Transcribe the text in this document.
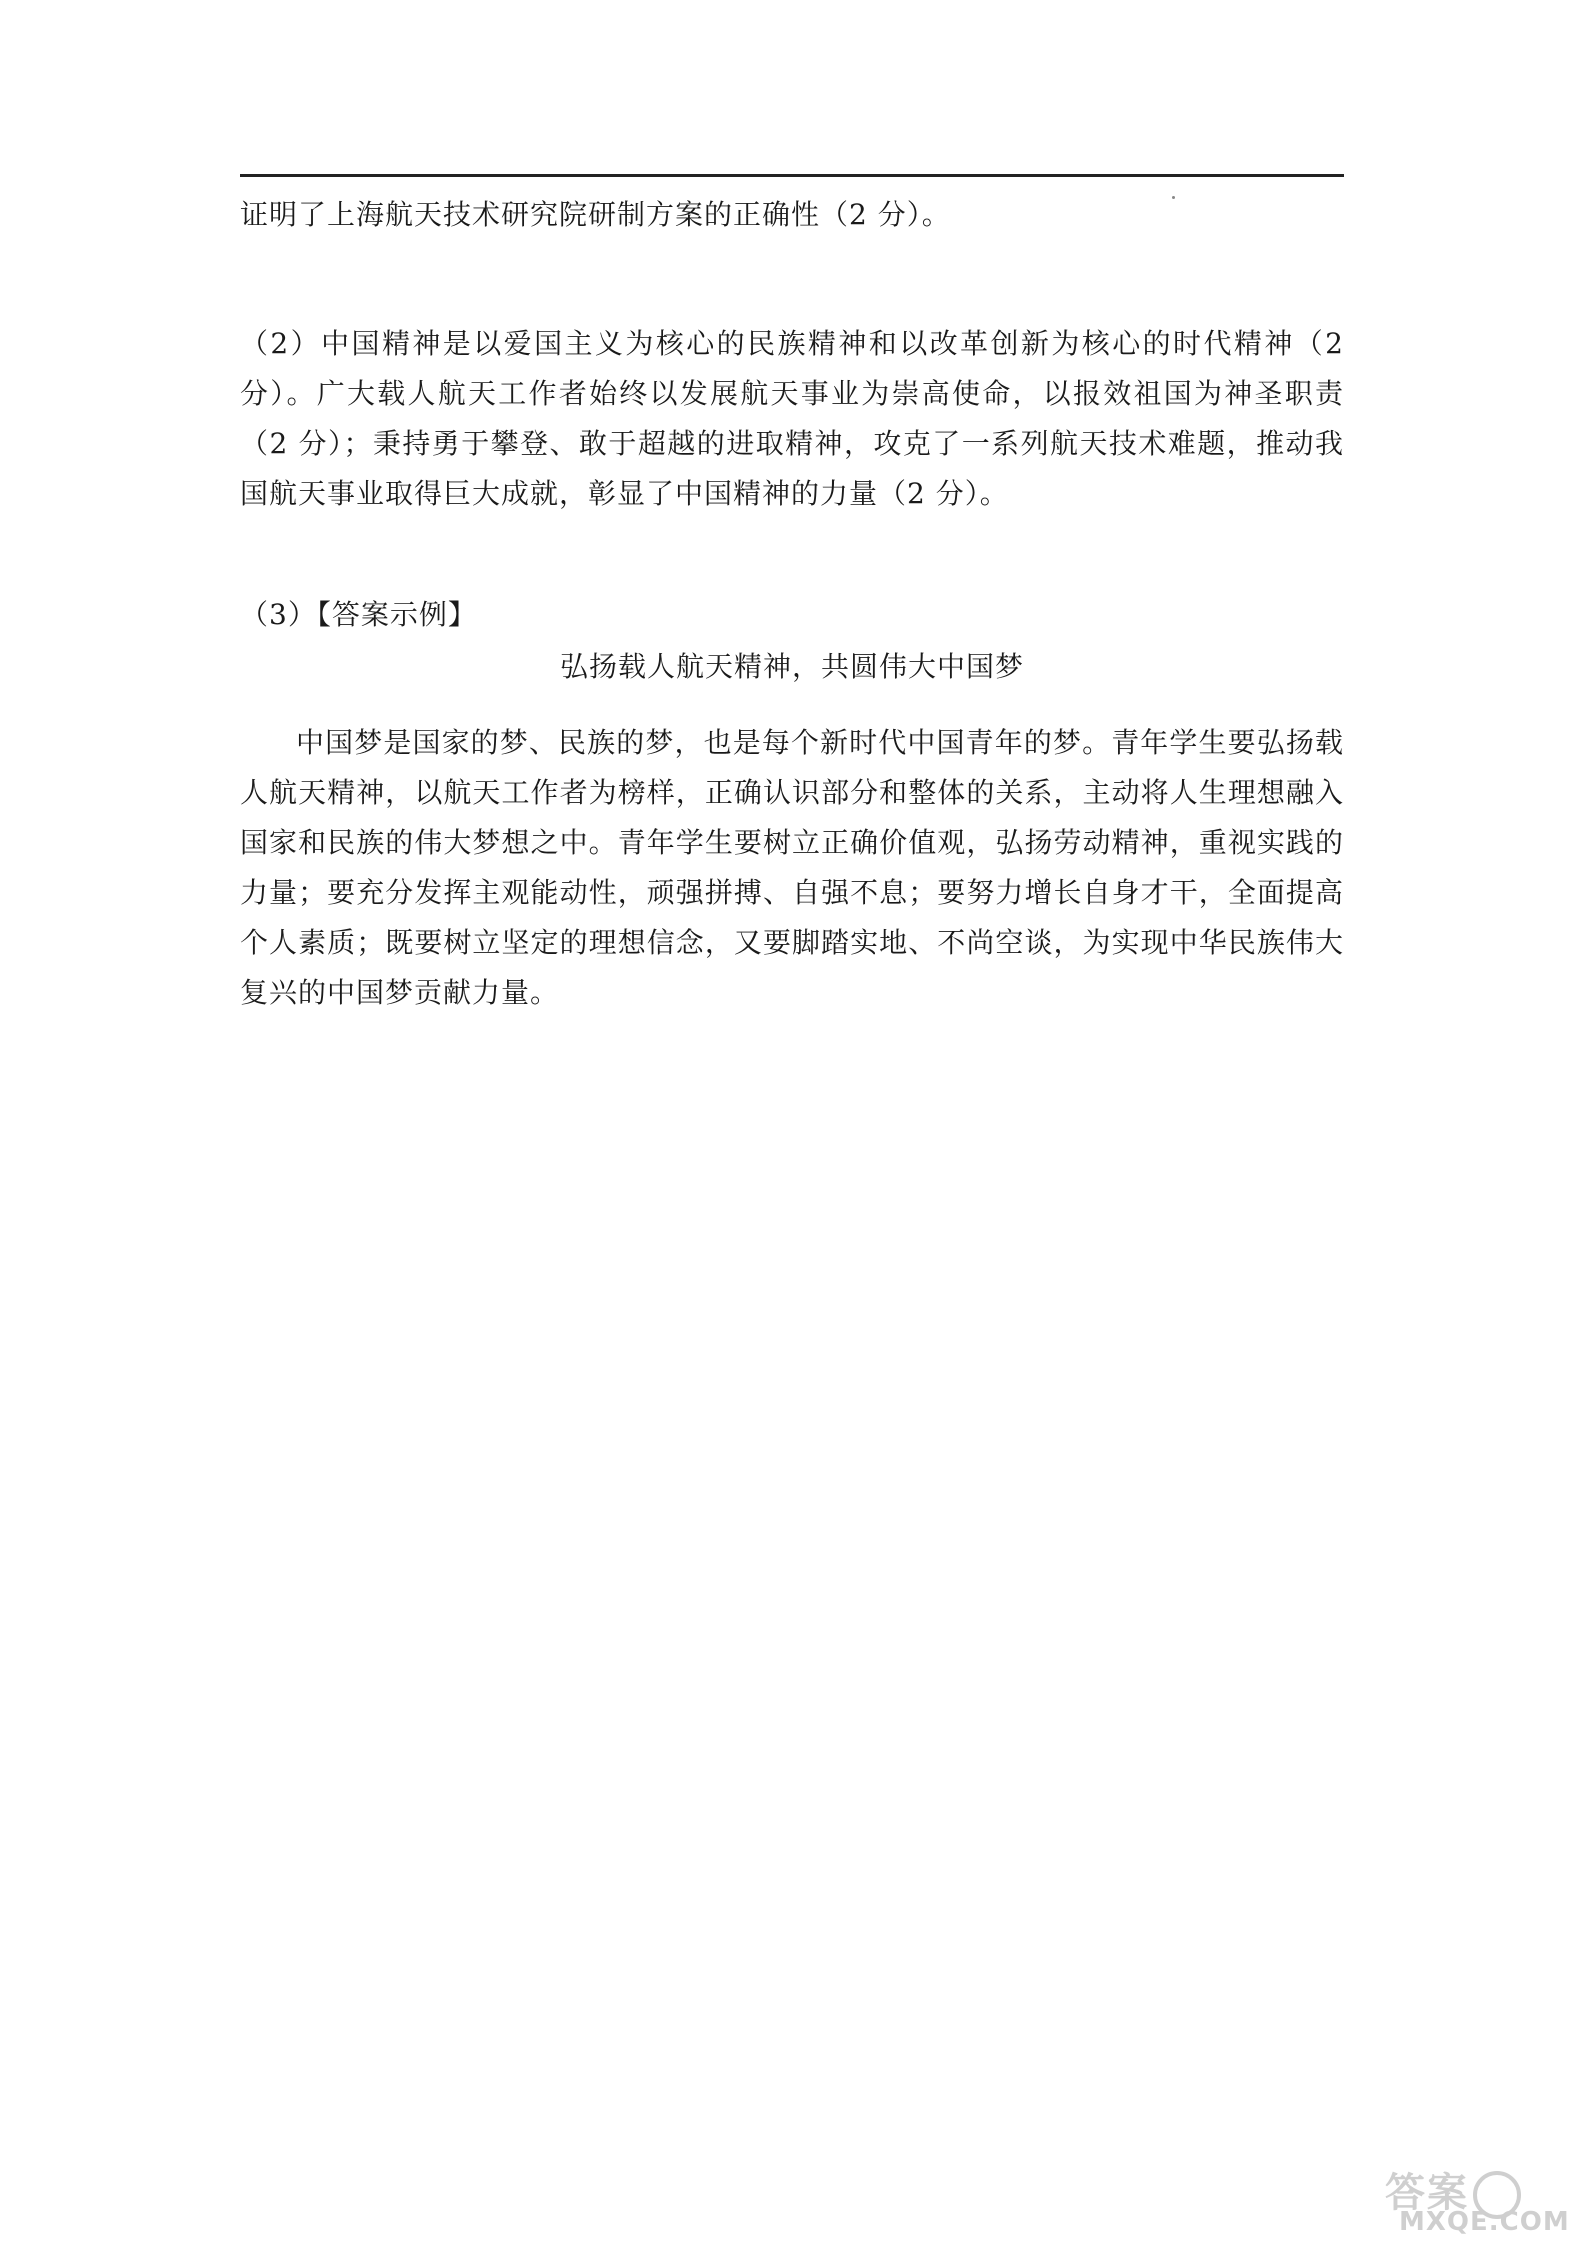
证明了上海航天技术研究院研制方案的正确性（2 分）。

（2）中国精神是以爱国主义为核心的民族精神和以改革创新为核心的时代精神（2 分）。广大载人航天工作者始终以发展航天事业为崇高使命，以报效祖国为神圣职责（2 分）；秉持勇于攀登、敢于超越的进取精神，攻克了一系列航天技术难题，推动我国航天事业取得巨大成就，彰显了中国精神的力量（2 分）。

（3）【答案示例】

弘扬载人航天精神，共圆伟大中国梦

中国梦是国家的梦、民族的梦，也是每个新时代中国青年的梦。青年学生要弘扬载人航天精神，以航天工作者为榜样，正确认识部分和整体的关系，主动将人生理想融入国家和民族的伟大梦想之中。青年学生要树立正确价值观，弘扬劳动精神，重视实践的力量；要充分发挥主观能动性，顽强拼搏、自强不息；要努力增长自身才干，全面提高个人素质；既要树立坚定的理想信念，又要脚踏实地、不尚空谈，为实现中华民族伟大复兴的中国梦贡献力量。

答案
MXQE.COM
